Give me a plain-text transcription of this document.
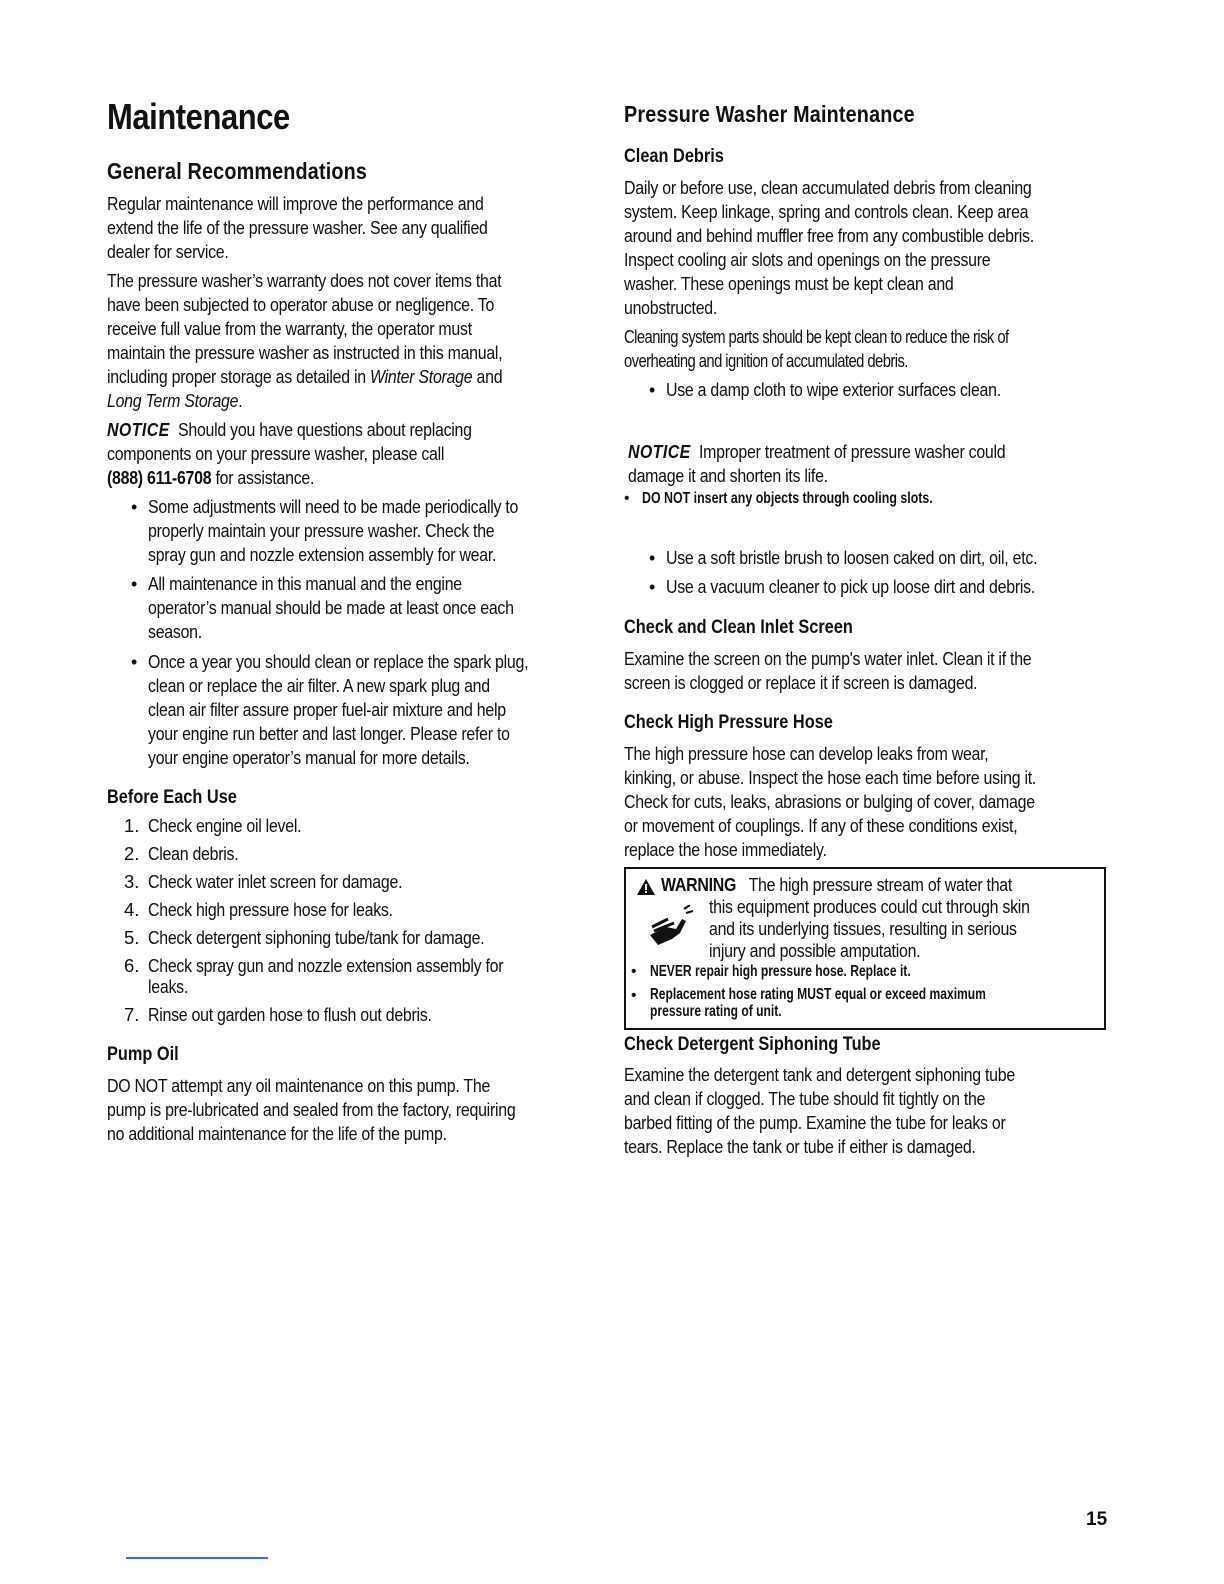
Maintenance
General Recommendations
Regular maintenance will improve the performance and
extend the life of the pressure washer. See any qualified
dealer for service.
The pressure washer’s warranty does not cover items that
have been subjected to operator abuse or negligence. To
receive full value from the warranty, the operator must
maintain the pressure washer as instructed in this manual,
including proper storage as detailed in Winter Storage and
Long Term Storage.
NOTICE Should you have questions about replacing
components on your pressure washer, please call
(888) 611-6708 for assistance.
• Some adjustments will need to be made periodically to
properly maintain your pressure washer. Check the
spray gun and nozzle extension assembly for wear.
• All maintenance in this manual and the engine
operator’s manual should be made at least once each
season.
• Once a year you should clean or replace the spark plug,
clean or replace the air filter. A new spark plug and
clean air filter assure proper fuel-air mixture and help
your engine run better and last longer. Please refer to
your engine operator’s manual for more details.
Before Each Use
1. Check engine oil level.
2. Clean debris.
3. Check water inlet screen for damage.
4. Check high pressure hose for leaks.
5. Check detergent siphoning tube/tank for damage.
6. Check spray gun and nozzle extension assembly for
leaks.
7. Rinse out garden hose to flush out debris.
Pump Oil
DO NOT attempt any oil maintenance on this pump. The
pump is pre-lubricated and sealed from the factory, requiring
no additional maintenance for the life of the pump.
Pressure Washer Maintenance
Clean Debris
Daily or before use, clean accumulated debris from cleaning
system. Keep linkage, spring and controls clean. Keep area
around and behind muffler free from any combustible debris.
Inspect cooling air slots and openings on the pressure
washer. These openings must be kept clean and
unobstructed.
Cleaning system parts should be kept clean to reduce the risk of
overheating and ignition of accumulated debris.
• Use a damp cloth to wipe exterior surfaces clean.
NOTICE Improper treatment of pressure washer could
damage it and shorten its life.
• DO NOT insert any objects through cooling slots.
• Use a soft bristle brush to loosen caked on dirt, oil, etc.
• Use a vacuum cleaner to pick up loose dirt and debris.
Check and Clean Inlet Screen
Examine the screen on the pump's water inlet. Clean it if the
screen is clogged or replace it if screen is damaged.
Check High Pressure Hose
The high pressure hose can develop leaks from wear,
kinking, or abuse. Inspect the hose each time before using it.
Check for cuts, leaks, abrasions or bulging of cover, damage
or movement of couplings. If any of these conditions exist,
replace the hose immediately.
WARNING The high pressure stream of water that
this equipment produces could cut through skin
and its underlying tissues, resulting in serious
injury and possible amputation.
• NEVER repair high pressure hose. Replace it.
• Replacement hose rating MUST equal or exceed maximum
pressure rating of unit.
Check Detergent Siphoning Tube
Examine the detergent tank and detergent siphoning tube
and clean if clogged. The tube should fit tightly on the
barbed fitting of the pump. Examine the tube for leaks or
tears. Replace the tank or tube if either is damaged.
15
